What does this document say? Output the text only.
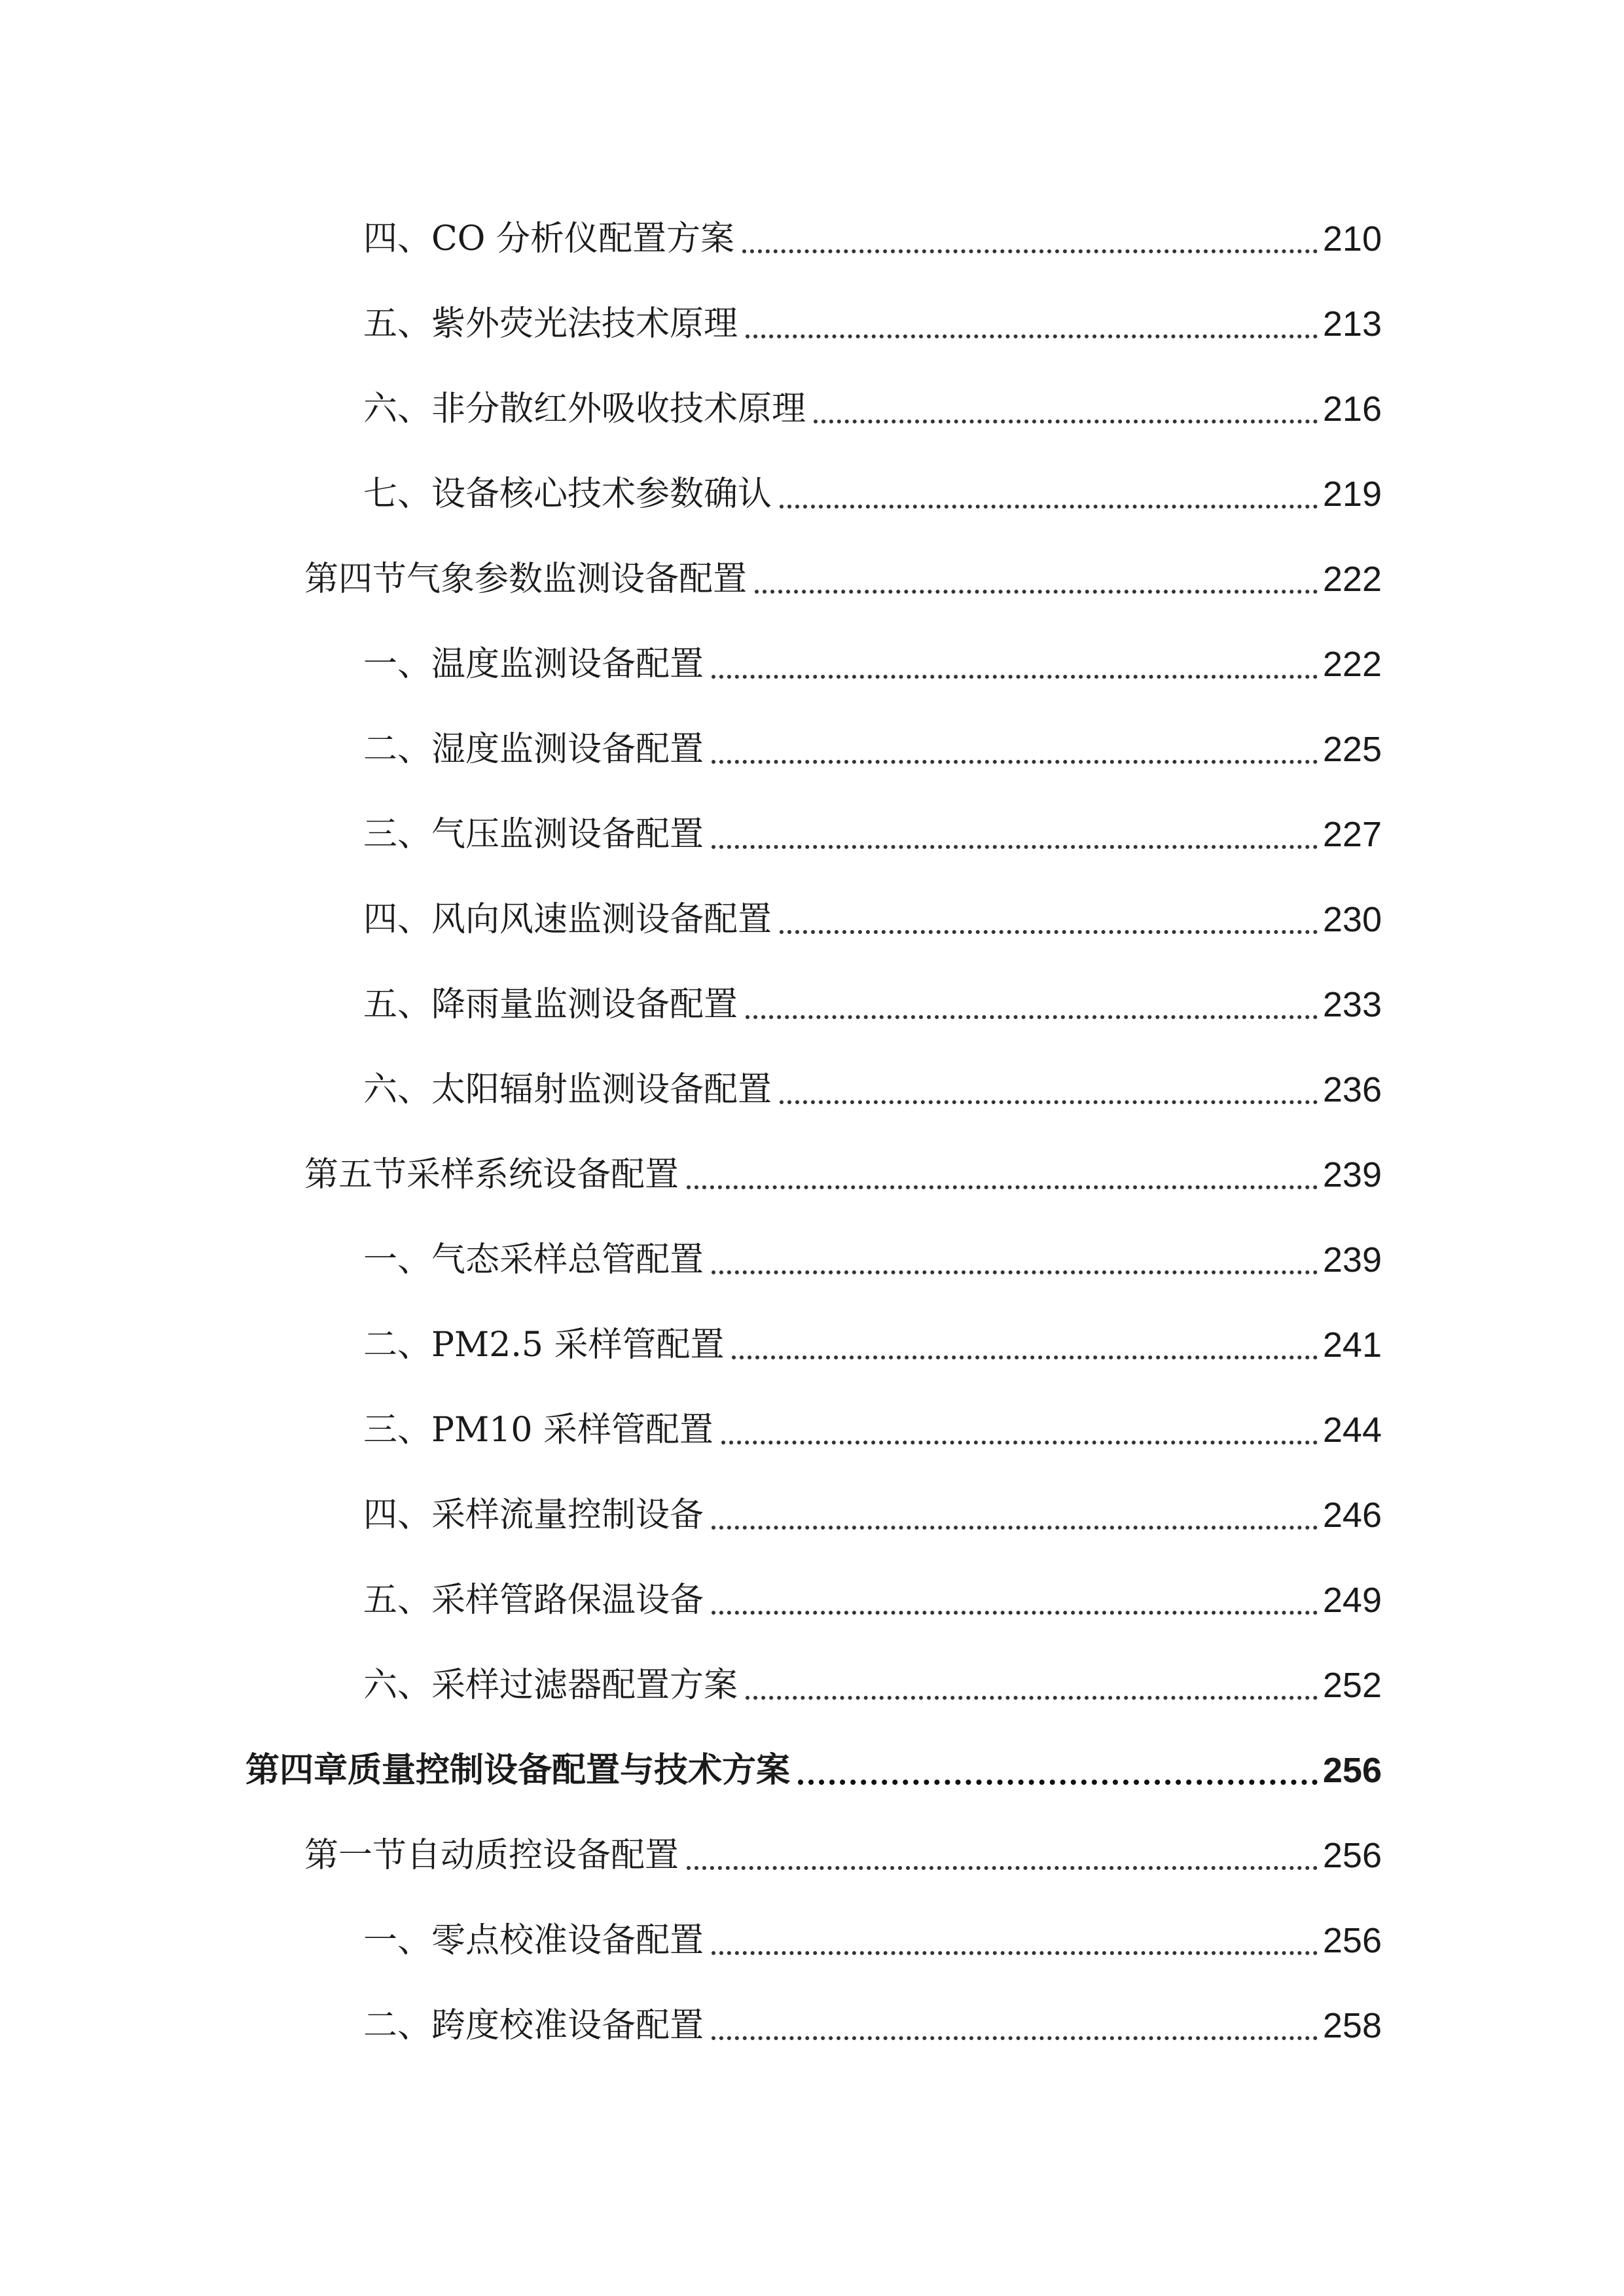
四、CO 分析仪配置方案	210
五、紫外荧光法技术原理	213
六、非分散红外吸收技术原理	216
七、设备核心技术参数确认	219
第四节气象参数监测设备配置	222
一、温度监测设备配置	222
二、湿度监测设备配置	225
三、气压监测设备配置	227
四、风向风速监测设备配置	230
五、降雨量监测设备配置	233
六、太阳辐射监测设备配置	236
第五节采样系统设备配置	239
一、气态采样总管配置	239
二、PM2.5 采样管配置	241
三、PM10 采样管配置	244
四、采样流量控制设备	246
五、采样管路保温设备	249
六、采样过滤器配置方案	252
第四章质量控制设备配置与技术方案	256
第一节自动质控设备配置	256
一、零点校准设备配置	256
二、跨度校准设备配置	258
